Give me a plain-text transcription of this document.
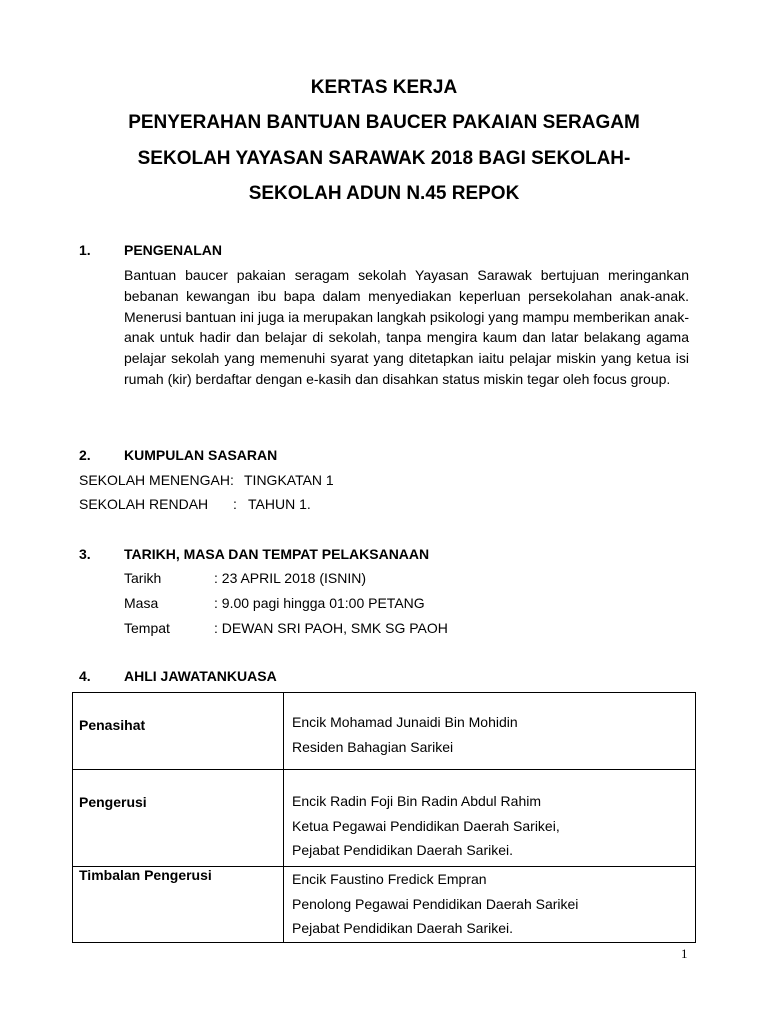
KERTAS KERJA
PENYERAHAN BANTUAN BAUCER PAKAIAN SERAGAM
SEKOLAH YAYASAN SARAWAK 2018 BAGI SEKOLAH-
SEKOLAH ADUN N.45 REPOK
1. PENGENALAN
Bantuan baucer pakaian seragam sekolah Yayasan Sarawak bertujuan meringankan bebanan kewangan ibu bapa dalam menyediakan keperluan persekolahan anak-anak. Menerusi bantuan ini juga ia merupakan langkah psikologi yang mampu memberikan anak-anak untuk hadir dan belajar di sekolah, tanpa mengira kaum dan latar belakang agama pelajar sekolah yang memenuhi syarat yang ditetapkan iaitu pelajar miskin yang ketua isi rumah (kir) berdaftar dengan e-kasih dan disahkan status miskin tegar oleh focus group.
2. KUMPULAN SASARAN
SEKOLAH MENENGAH : TINGKATAN 1
SEKOLAH RENDAH : TAHUN 1.
3. TARIKH, MASA DAN TEMPAT PELAKSANAAN
Tarikh	: 23 APRIL 2018 (ISNIN)
Masa	: 9.00 pagi hingga 01:00 PETANG
Tempat	: DEWAN SRI PAOH, SMK SG PAOH
4. AHLI JAWATANKUASA
Penasihat	Encik Mohamad Junaidi Bin Mohidin
Residen Bahagian Sarikei

Pengerusi	Encik Radin Foji Bin Radin Abdul Rahim
Ketua Pegawai Pendidikan Daerah Sarikei,
Pejabat Pendidikan Daerah Sarikei.

Timbalan Pengerusi	Encik Faustino Fredick Empran
Penolong Pegawai Pendidikan Daerah Sarikei
Pejabat Pendidikan Daerah Sarikei.
1
